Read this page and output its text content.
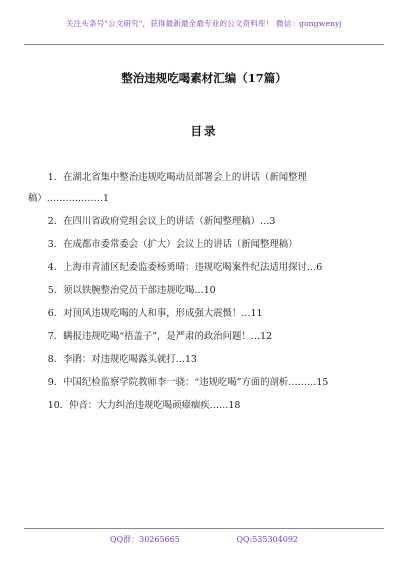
关注头条号"公文研究"，获得最新最全最专业的公文资料库！ 微信：gongwenyj
整治违规吃喝素材汇编（17篇）
目录
1．在湖北省集中整治违规吃喝动员部署会上的讲话（新闻整理稿）………………1
2．在四川省政府党组会议上的讲话（新闻整理稿）…3
3．在成都市委常委会（扩大）会议上的讲话（新闻整理稿）
4．上海市青浦区纪委监委杨勇晴：违规吃喝案件纪法适用探讨…6
5．须以铁腕整治党员干部违规吃喝…10
6．对顶风违规吃喝的人和事，形成强大震慑！…11
7．瞒报违规吃喝“捂盖子”，是严肃的政治问题！…12
8．李鹃：对违规吃喝露头就打…13
9．中国纪检监察学院教师李一骁：“违规吃喝”方面的剖析………15
10．仲音：大力纠治违规吃喝顽瘴痼疾……18
QQ群：30265665	QQ:535304092
